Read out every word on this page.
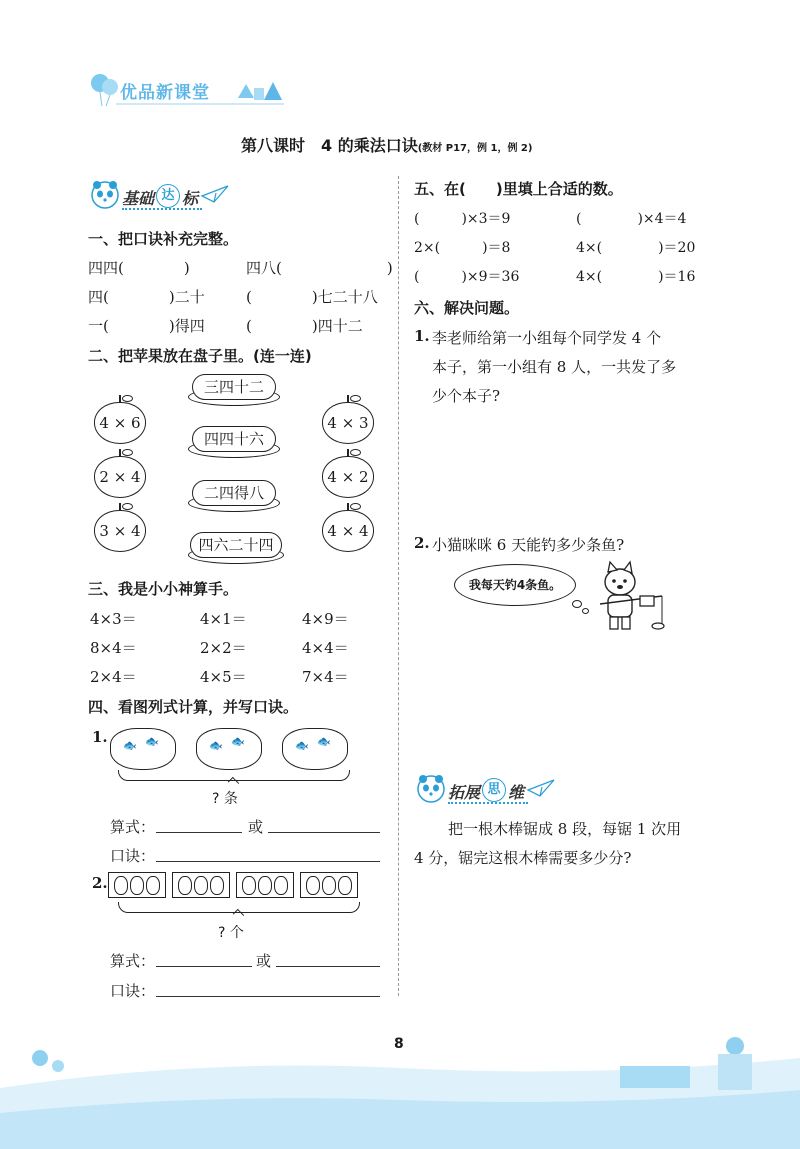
优品新课堂
第八课时　4 的乘法口诀(教材 P17，例 1，例 2)
基础 达 标
一、把口诀补充完整。
四四(　　　　)	四八(　　　　　　　)
四(　　　　)二十	(　　　　)七二十八
一(　　　　)得四	(　　　　)四十二
二、把苹果放在盘子里。(连一连)
三四十二
四四十六
二四得八
四六二十四
4 × 6
2 × 4
3 × 4
4 × 3
4 × 2
4 × 4
三、我是小小神算手。
4×3＝	4×1＝	4×9＝
8×4＝	2×2＝	4×4＝
2×4＝	4×5＝	7×4＝
四、看图列式计算，并写口诀。
1. 🐟 🐟	🐟 🐟	🐟 🐟
? 条
算式：	或
口诀：
2.
? 个
算式：	或
口诀：
五、在(　　)里填上合适的数。
(　　　)×3＝9	(　　　　)×4＝4
2×(　　　)＝8	4×(　　　　)＝20
(　　　)×9＝36	4×(　　　　)＝16
六、解决问题。
1. 李老师给第一小组每个同学发 4 个
本子，第一小组有 8 人，一共发了多
少个本子?
2. 小猫咪咪 6 天能钓多少条鱼?
我每天钓4条鱼。
拓展 思 维
把一根木棒锯成 8 段，每锯 1 次用
4 分，锯完这根木棒需要多少分?
8
